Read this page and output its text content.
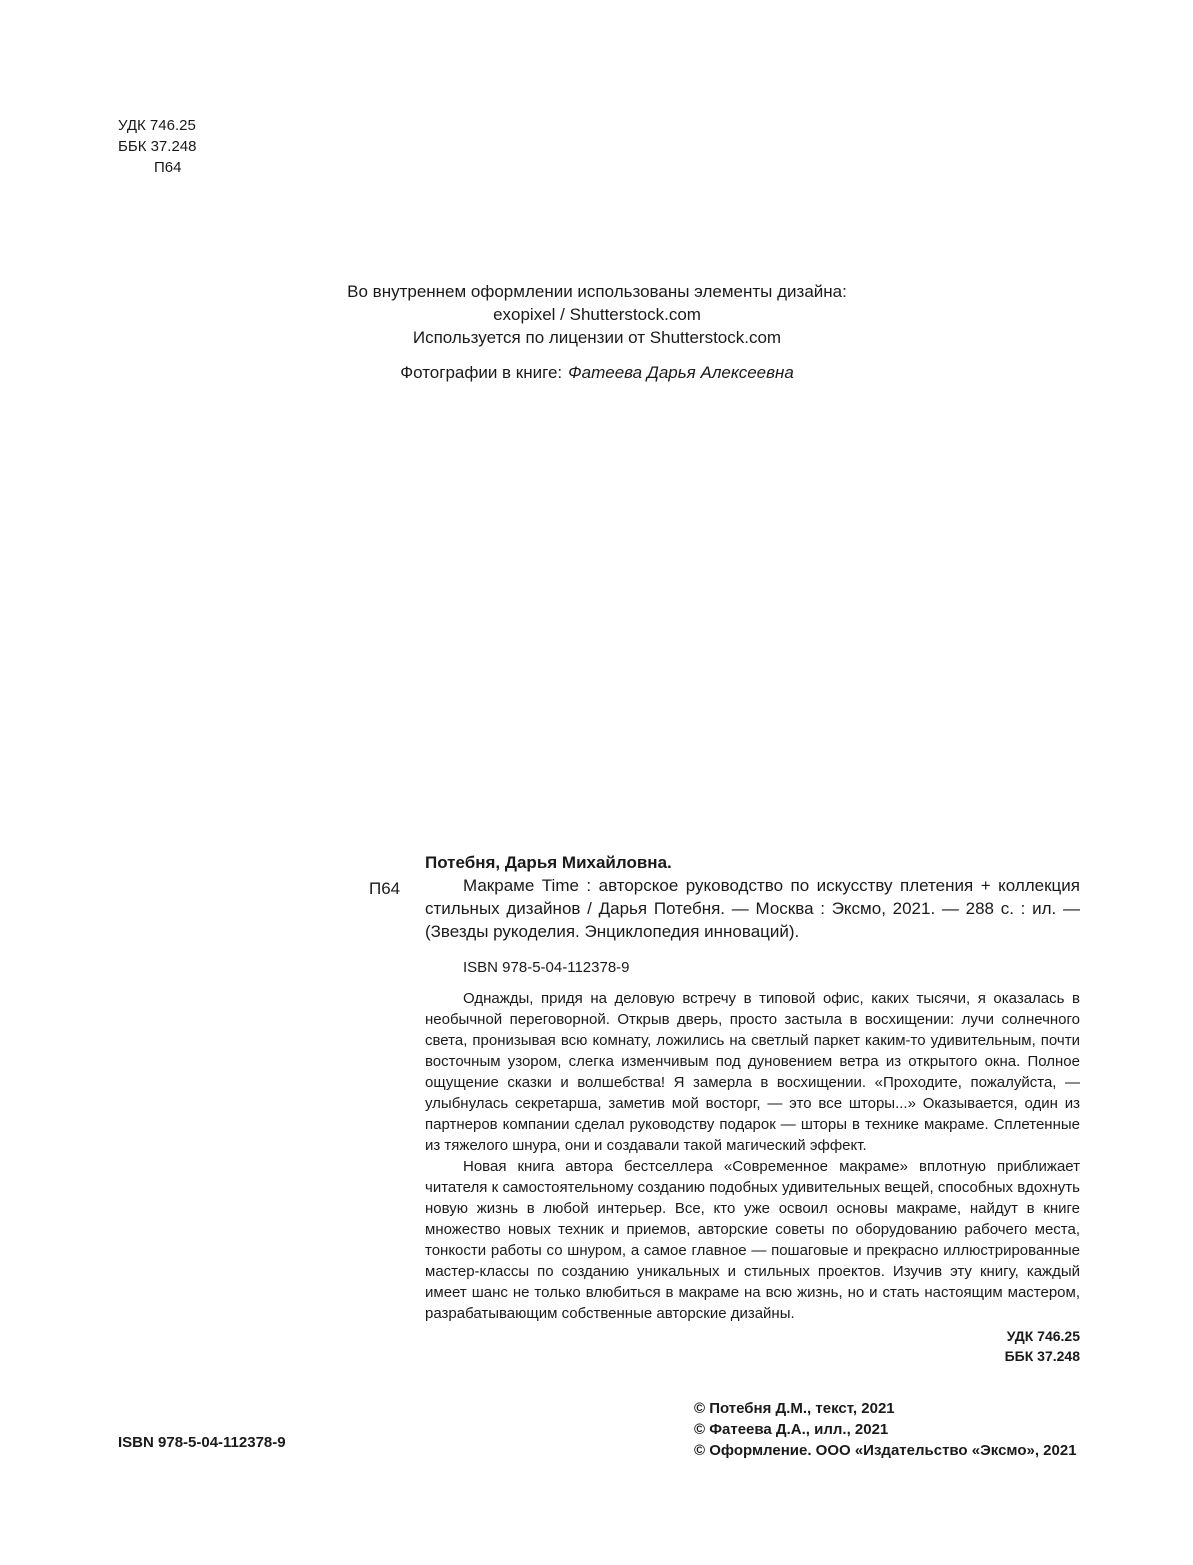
УДК 746.25
ББК 37.248
П64
Во внутреннем оформлении использованы элементы дизайна:
exopixel / Shutterstock.com
Используется по лицензии от Shutterstock.com
Фотографии в книге: Фатеева Дарья Алексеевна
П64
Потебня, Дарья Михайловна.
Макраме Time : авторское руководство по искусству плетения + коллекция стильных дизайнов / Дарья Потебня. — Москва : Эксмо, 2021. — 288 с. : ил. — (Звезды рукоделия. Энциклопедия инноваций).
ISBN 978-5-04-112378-9

Однажды, придя на деловую встречу в типовой офис, каких тысячи, я оказалась в необычной переговорной. Открыв дверь, просто застыла в восхищении: лучи солнечного света, пронизывая всю комнату, ложились на светлый паркет каким-то удивительным, почти восточным узором, слегка изменчивым под дуновением ветра из открытого окна. Полное ощущение сказки и волшебства! Я замерла в восхищении. «Проходите, пожалуйста, — улыбнулась секретарша, заметив мой восторг, — это все шторы...» Оказывается, один из партнеров компании сделал руководству подарок — шторы в технике макраме. Сплетенные из тяжелого шнура, они и создавали такой магический эффект.

Новая книга автора бестселлера «Современное макраме» вплотную приближает читателя к самостоятельному созданию подобных удивительных вещей, способных вдохнуть новую жизнь в любой интерьер. Все, кто уже освоил основы макраме, найдут в книге множество новых техник и приемов, авторские советы по оборудованию рабочего места, тонкости работы со шнуром, а самое главное — пошаговые и прекрасно иллюстрированные мастер-классы по созданию уникальных и стильных проектов. Изучив эту книгу, каждый имеет шанс не только влюбиться в макраме на всю жизнь, но и стать настоящим мастером, разрабатывающим собственные авторские дизайны.

УДК 746.25
ББК 37.248
© Потебня Д.М., текст, 2021
© Фатеева Д.А., илл., 2021
© Оформление. ООО «Издательство «Эксмо», 2021
ISBN 978-5-04-112378-9
